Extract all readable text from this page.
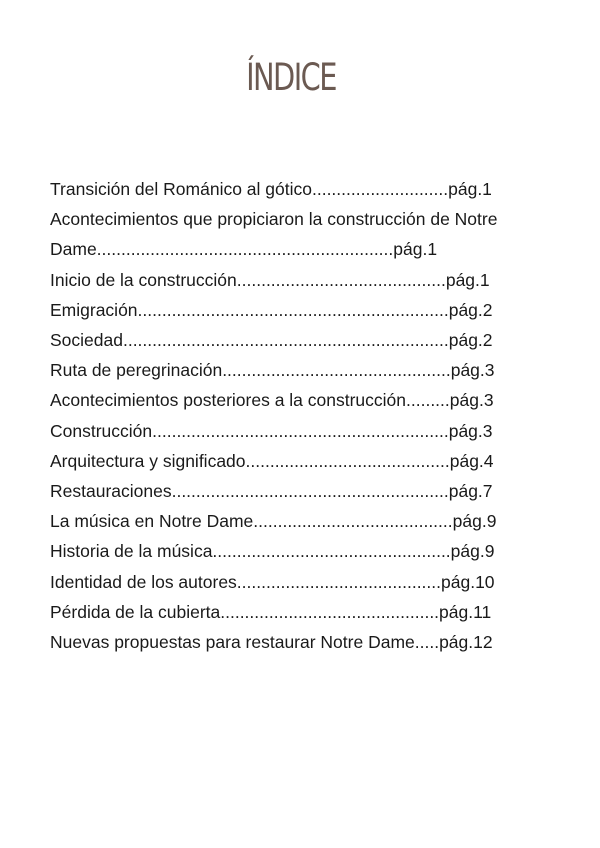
ÍNDICE
Transición del Románico al gótico............................pág.1
Acontecimientos que propiciaron la construcción de Notre Dame.............................................................pág.1
Inicio de la construcción...........................................pág.1
Emigración................................................................pág.2
Sociedad...................................................................pág.2
Ruta de peregrinación...............................................pág.3
Acontecimientos posteriores a la construcción.........pág.3
Construcción.............................................................pág.3
Arquitectura y significado..........................................pág.4
Restauraciones.........................................................pág.7
La música en Notre Dame.........................................pág.9
Historia de la música.................................................pág.9
Identidad de los autores..........................................pág.10
Pérdida de la cubierta.............................................pág.11
Nuevas propuestas para restaurar Notre Dame.....pág.12
